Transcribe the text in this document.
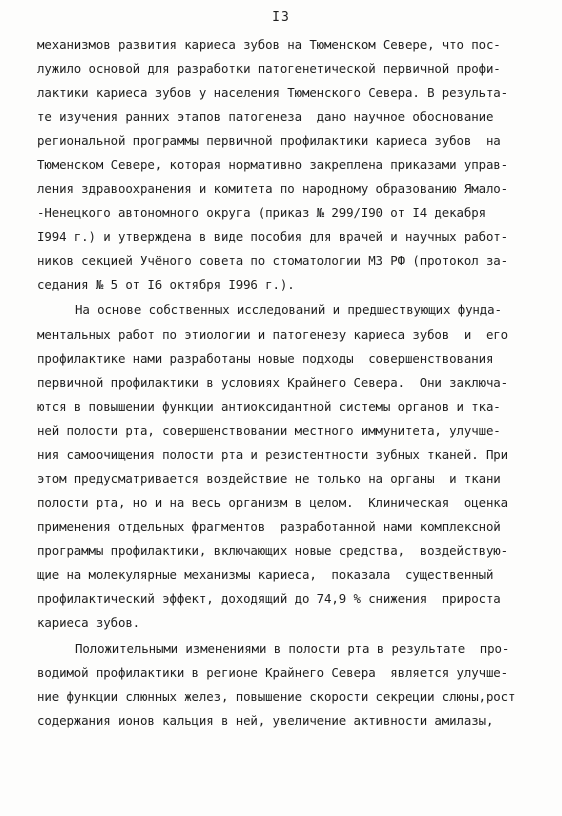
I3
механизмов развития кариеса зубов на Тюменском Севере, что пос-
лужило основой для разработки патогенетической первичной профи-
лактики кариеса зубов у населения Тюменского Севера. В результа-
те изучения ранних этапов патогенеза  дано научное обоснование
региональной программы первичной профилактики кариеса зубов  на
Тюменском Севере, которая нормативно закреплена приказами управ-
ления здравоохранения и комитета по народному образованию Ямало-
-Ненецкого автономного округа (приказ № 299/I90 от I4 декабря
I994 г.) и утверждена в виде пособия для врачей и научных работ-
ников секцией Учёного совета по стоматологии МЗ РФ (протокол за-
седания № 5 от I6 октября I996 г.).
На основе собственных исследований и предшествующих фунда-
ментальных работ по этиологии и патогенезу кариеса зубов  и  его
профилактике нами разработаны новые подходы  совершенствования
первичной профилактики в условиях Крайнего Севера.  Они заключа-
ются в повышении функции антиоксидантной системы органов и тка-
ней полости рта, совершенствовании местного иммунитета, улучше-
ния самоочищения полости рта и резистентности зубных тканей. При
этом предусматривается воздействие не только на органы  и ткани
полости рта, но и на весь организм в целом.  Клиническая  оценка
применения отдельных фрагментов  разработанной нами комплексной
программы профилактики, включающих новые средства,  воздействую-
щие на молекулярные механизмы кариеса,  показала  существенный
профилактический эффект, доходящий до 74,9 % снижения  прироста
кариеса зубов.
Положительными изменениями в полости рта в результате  про-
водимой профилактики в регионе Крайнего Севера  является улучше-
ние функции слюнных желез, повышение скорости секреции слюны,рост
содержания ионов кальция в ней, увеличение активности амилазы,
